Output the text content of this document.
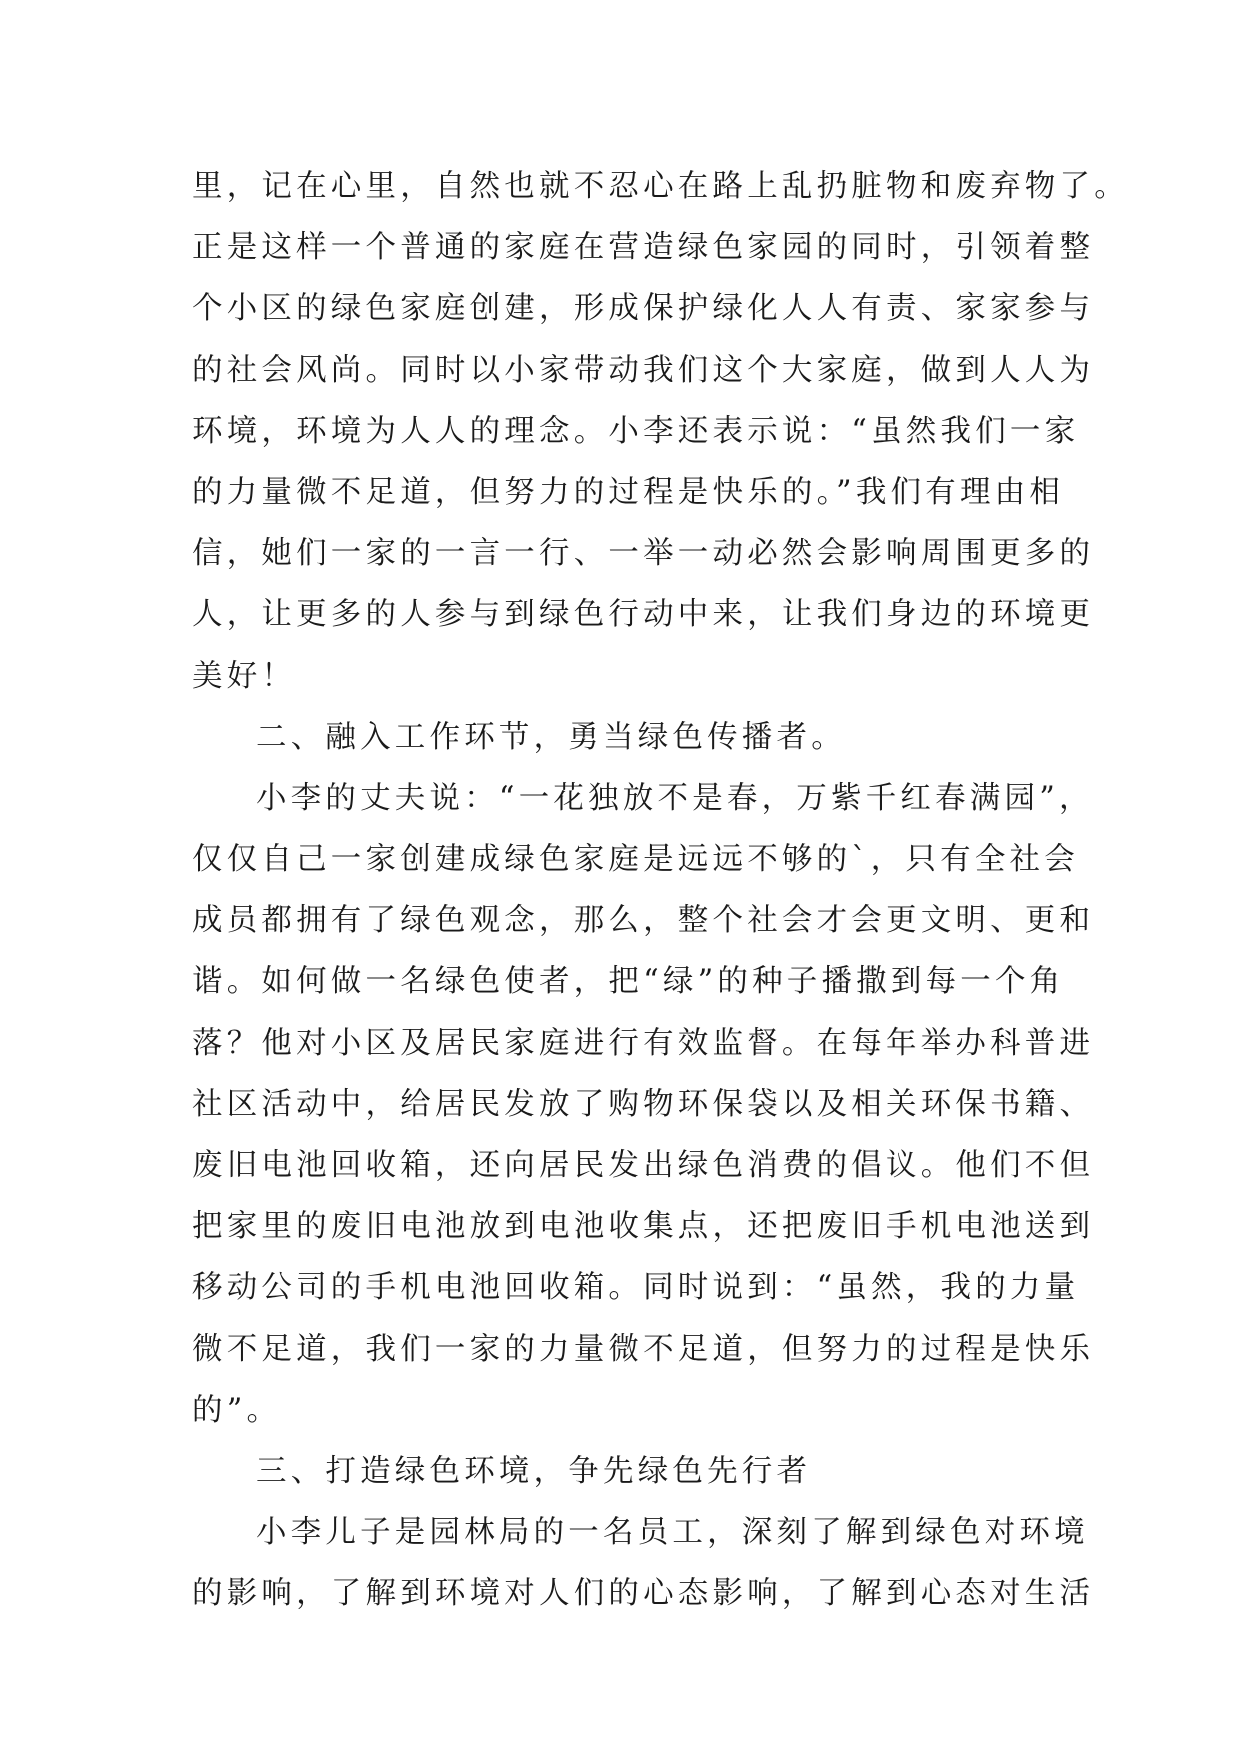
里，记在心里，自然也就不忍心在路上乱扔脏物和废弃物了。
正是这样一个普通的家庭在营造绿色家园的同时，引领着整
个小区的绿色家庭创建，形成保护绿化人人有责、家家参与
的社会风尚。同时以小家带动我们这个大家庭，做到人人为
环境，环境为人人的理念。小李还表示说：“虽然我们一家
的力量微不足道，但努力的过程是快乐的。”我们有理由相
信，她们一家的一言一行、一举一动必然会影响周围更多的
人，让更多的人参与到绿色行动中来，让我们身边的环境更
美好！
二、融入工作环节，勇当绿色传播者。
小李的丈夫说：“一花独放不是春，万紫千红春满园”，
仅仅自己一家创建成绿色家庭是远远不够的`，只有全社会
成员都拥有了绿色观念，那么，整个社会才会更文明、更和
谐。如何做一名绿色使者，把“绿”的种子播撒到每一个角
落？他对小区及居民家庭进行有效监督。在每年举办科普进
社区活动中，给居民发放了购物环保袋以及相关环保书籍、
废旧电池回收箱，还向居民发出绿色消费的倡议。他们不但
把家里的废旧电池放到电池收集点，还把废旧手机电池送到
移动公司的手机电池回收箱。同时说到：“虽然，我的力量
微不足道，我们一家的力量微不足道，但努力的过程是快乐
的”。
三、打造绿色环境，争先绿色先行者
小李儿子是园林局的一名员工，深刻了解到绿色对环境
的影响，了解到环境对人们的心态影响，了解到心态对生活
